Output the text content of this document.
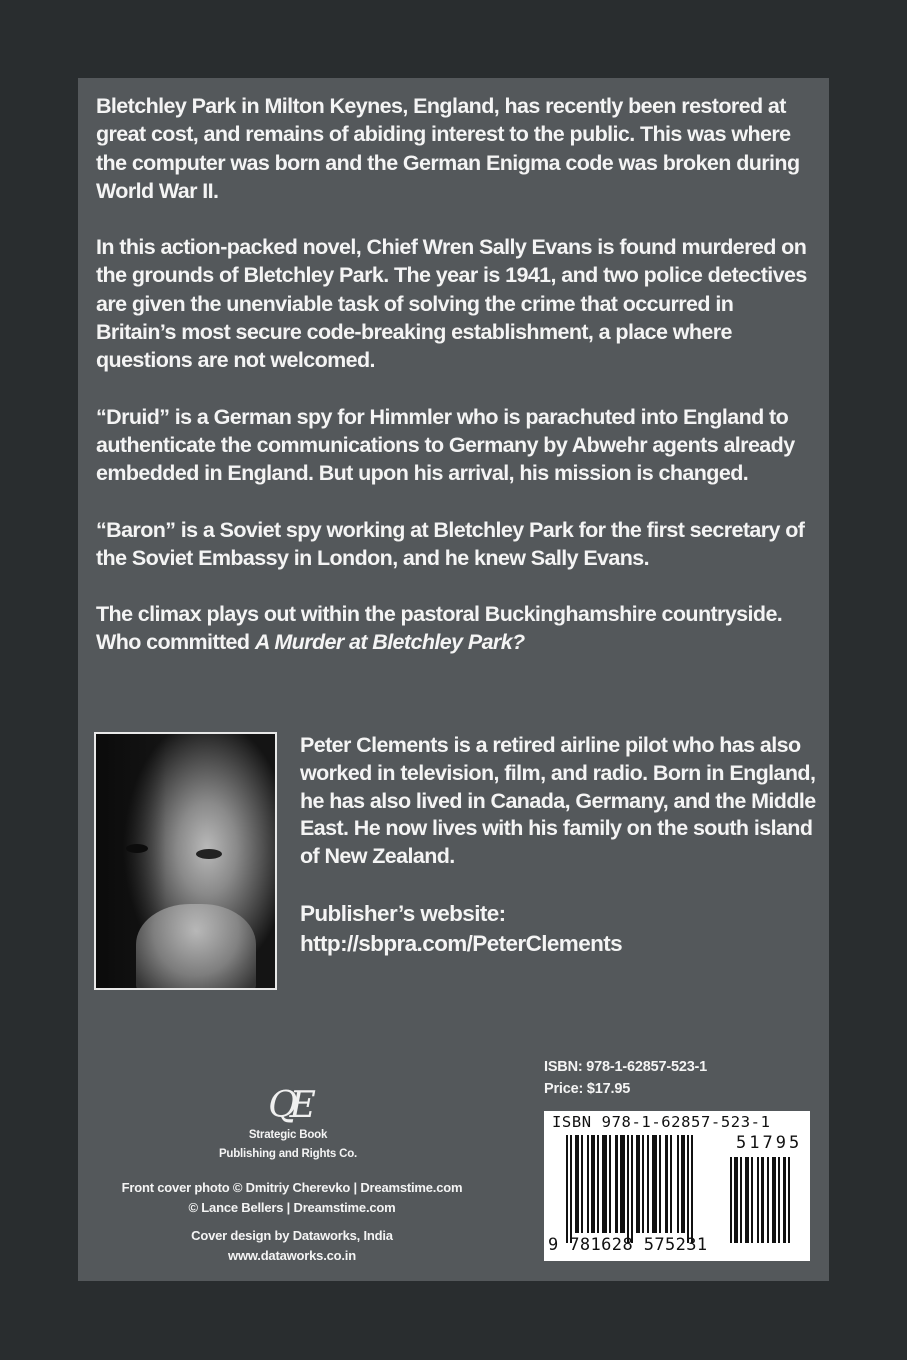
Bletchley Park in Milton Keynes, England, has recently been restored at great cost, and remains of abiding interest to the public. This was where the computer was born and the German Enigma code was broken during World War II.

In this action-packed novel, Chief Wren Sally Evans is found murdered on the grounds of Bletchley Park. The year is 1941, and two police detectives are given the unenviable task of solving the crime that occurred in Britain’s most secure code-breaking establishment, a place where questions are not welcomed.

“Druid” is a German spy for Himmler who is parachuted into England to authenticate the communications to Germany by Abwehr agents already embedded in England. But upon his arrival, his mission is changed.

“Baron” is a Soviet spy working at Bletchley Park for the first secretary of the Soviet Embassy in London, and he knew Sally Evans.

The climax plays out within the pastoral Buckinghamshire countryside. Who committed A Murder at Bletchley Park?

Peter Clements is a retired airline pilot who has also worked in television, film, and radio. Born in England, he has also lived in Canada, Germany, and the Middle East. He now lives with his family on the south island of New Zealand.

Publisher’s website:
http://sbpra.com/PeterClements
QE
Strategic Book
Publishing and Rights Co.
Front cover photo © Dmitriy Cherevko | Dreamstime.com
© Lance Bellers | Dreamstime.com
Cover design by Dataworks, India
www.dataworks.co.in
ISBN: 978-1-62857-523-1
Price: $17.95
ISBN 978-1-62857-523-1
51795
9 781628 575231
